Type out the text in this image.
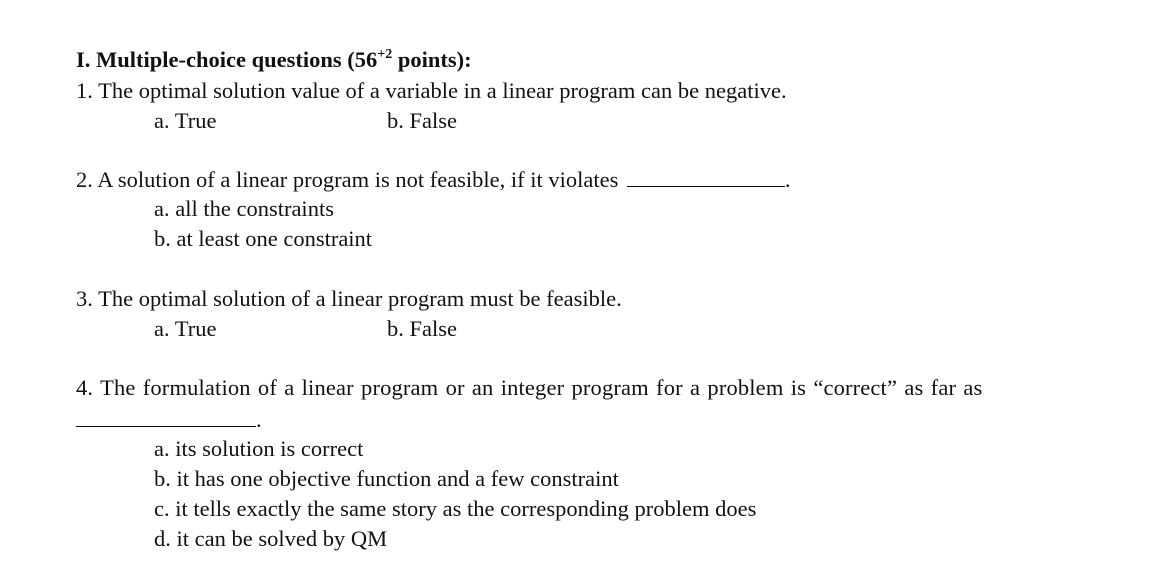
I. Multiple-choice questions ($56^{+2}$ points):
1. The optimal solution value of a variable in a linear program can be negative.
a. True	b. False
2. A solution of a linear program is not feasible, if it violates	.
a. all the constraints
b. at least one constraint
3. The optimal solution of a linear program must be feasible.
a. True	b. False
4. The formulation of a linear program or an integer program for a problem is “correct” as far as
.
a. its solution is correct
b. it has one objective function and a few constraint
c. it tells exactly the same story as the corresponding problem does
d. it can be solved by QM
